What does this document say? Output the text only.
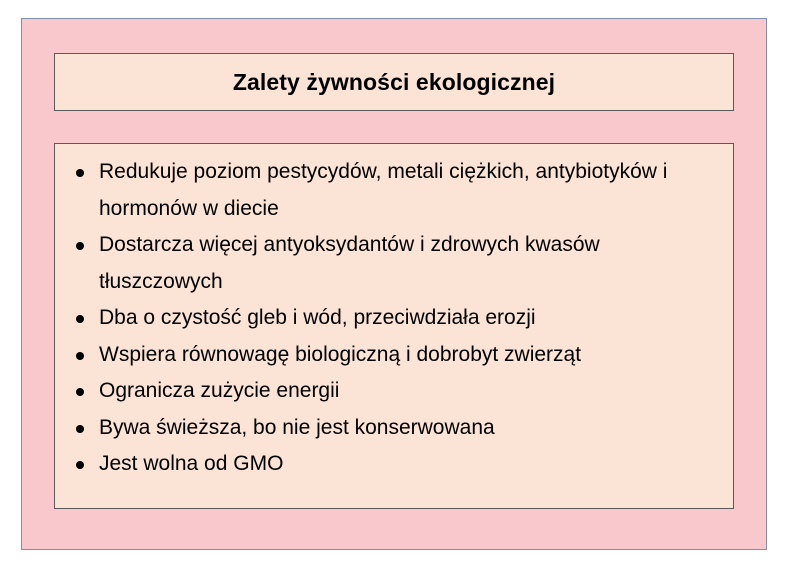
Zalety żywności ekologicznej
Redukuje poziom pestycydów, metali ciężkich, antybiotyków i hormonów w diecie
Dostarcza więcej antyoksydantów i zdrowych kwasów tłuszczowych
Dba o czystość gleb i wód, przeciwdziała erozji
Wspiera równowagę biologiczną i dobrobyt zwierząt
Ogranicza zużycie energii
Bywa świeższa, bo nie jest konserwowana
Jest wolna od GMO
